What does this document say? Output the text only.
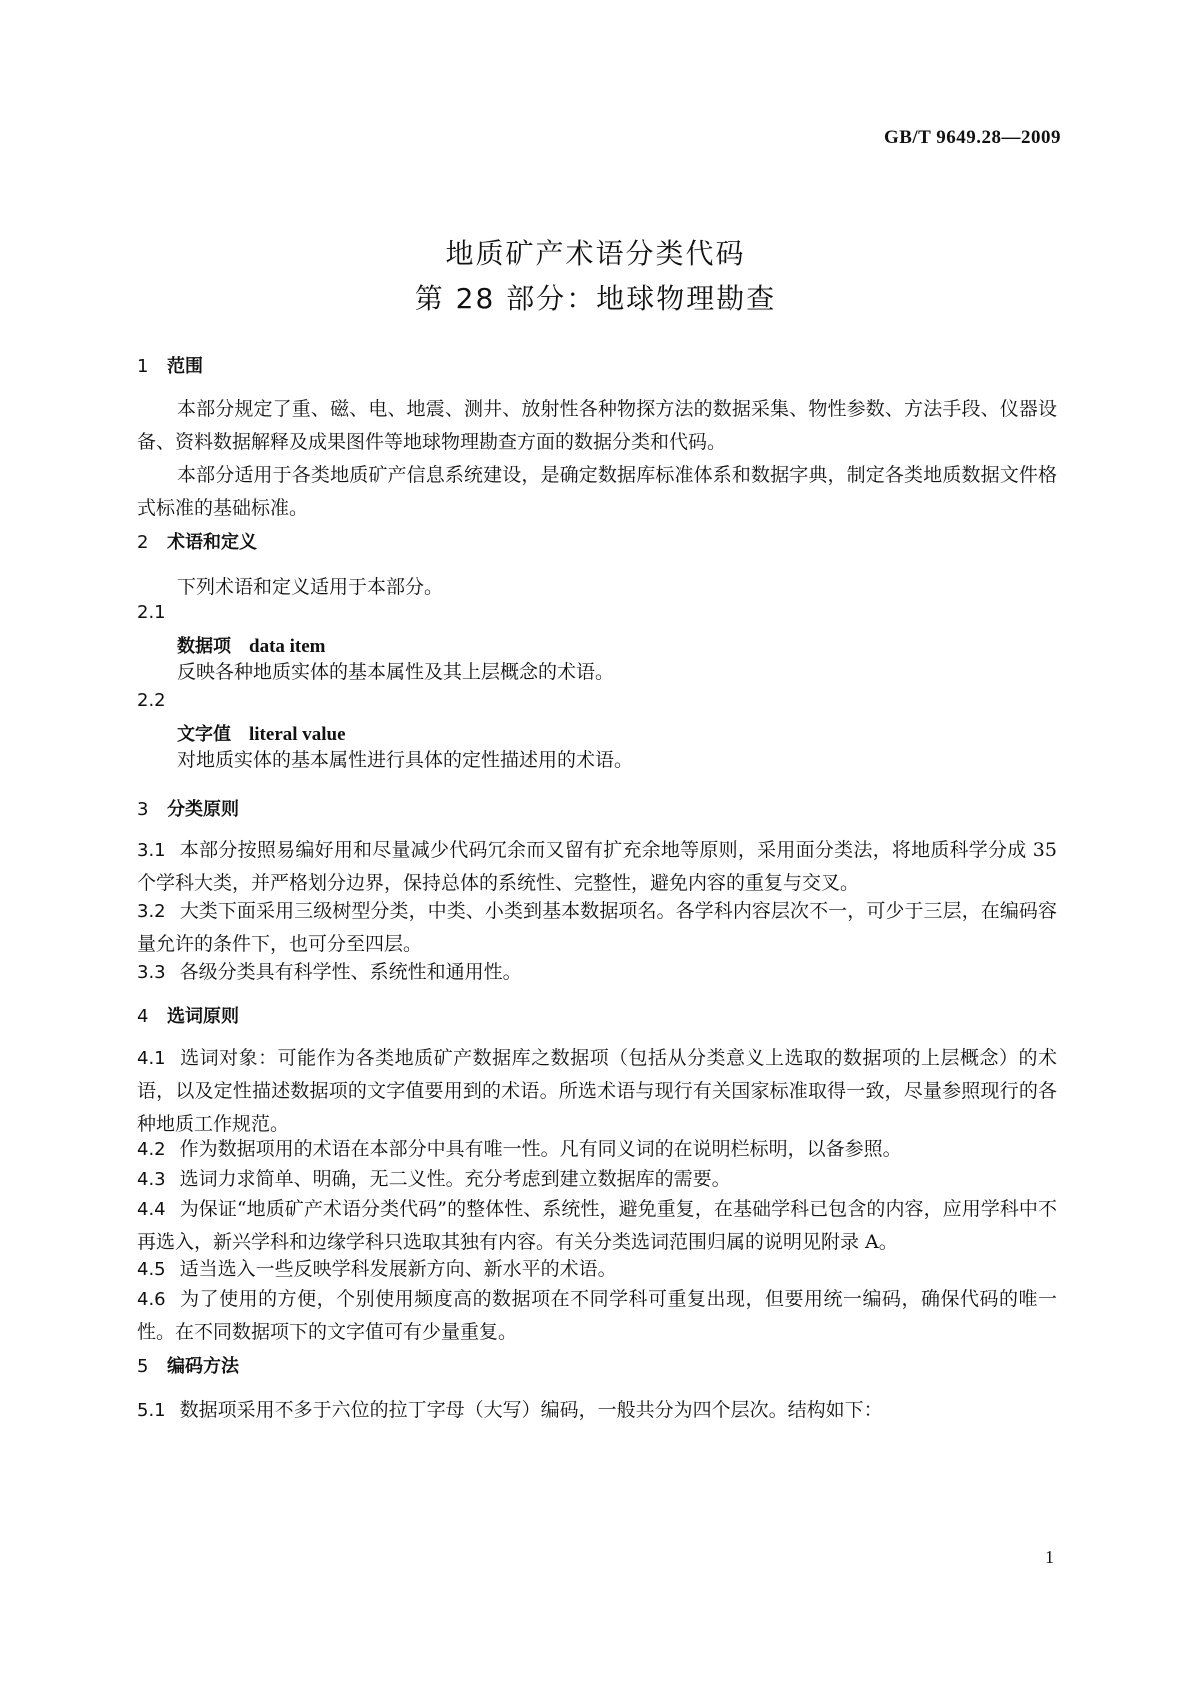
GB/T 9649.28—2009
地质矿产术语分类代码
第 28 部分：地球物理勘查
1 范围
本部分规定了重、磁、电、地震、测井、放射性各种物探方法的数据采集、物性参数、方法手段、仪器设备、资料数据解释及成果图件等地球物理勘查方面的数据分类和代码。
本部分适用于各类地质矿产信息系统建设，是确定数据库标准体系和数据字典，制定各类地质数据文件格式标准的基础标准。
2 术语和定义
下列术语和定义适用于本部分。
2.1
数据项 data item
反映各种地质实体的基本属性及其上层概念的术语。
2.2
文字值 literal value
对地质实体的基本属性进行具体的定性描述用的术语。
3 分类原则
3.1 本部分按照易编好用和尽量减少代码冗余而又留有扩充余地等原则，采用面分类法，将地质科学分成 35 个学科大类，并严格划分边界，保持总体的系统性、完整性，避免内容的重复与交叉。
3.2 大类下面采用三级树型分类，中类、小类到基本数据项名。各学科内容层次不一，可少于三层，在编码容量允许的条件下，也可分至四层。
3.3 各级分类具有科学性、系统性和通用性。
4 选词原则
4.1 选词对象：可能作为各类地质矿产数据库之数据项（包括从分类意义上选取的数据项的上层概念）的术语，以及定性描述数据项的文字值要用到的术语。所选术语与现行有关国家标准取得一致，尽量参照现行的各种地质工作规范。
4.2 作为数据项用的术语在本部分中具有唯一性。凡有同义词的在说明栏标明，以备参照。
4.3 选词力求简单、明确，无二义性。充分考虑到建立数据库的需要。
4.4 为保证“地质矿产术语分类代码”的整体性、系统性，避免重复，在基础学科已包含的内容，应用学科中不再选入，新兴学科和边缘学科只选取其独有内容。有关分类选词范围归属的说明见附录 A。
4.5 适当选入一些反映学科发展新方向、新水平的术语。
4.6 为了使用的方便，个别使用频度高的数据项在不同学科可重复出现，但要用统一编码，确保代码的唯一性。在不同数据项下的文字值可有少量重复。
5 编码方法
5.1 数据项采用不多于六位的拉丁字母（大写）编码，一般共分为四个层次。结构如下：
1
